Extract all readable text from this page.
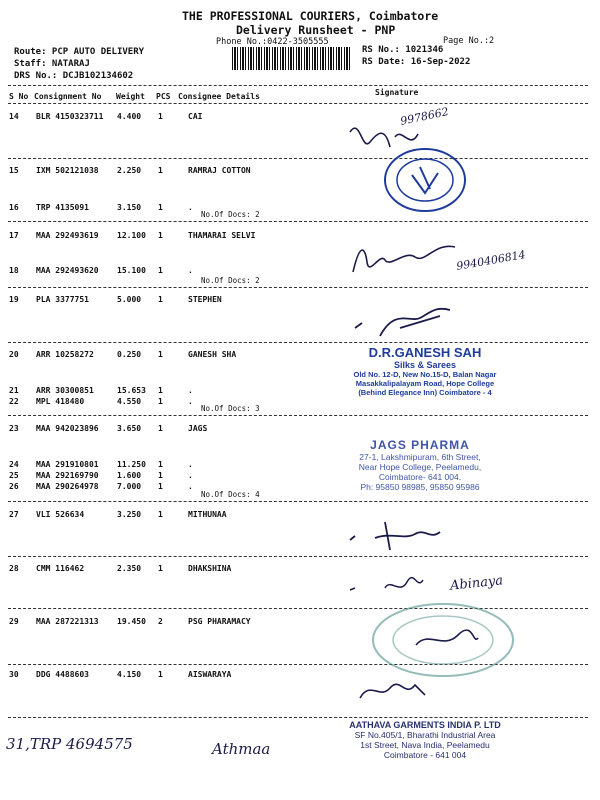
THE PROFESSIONAL COURIERS, Coimbatore
Delivery Runsheet - PNP
Phone No.:0422-3505555	Page No.:2
Route: PCP AUTO DELIVERY
Staff: NATARAJ
DRS No.: DCJB102134602
RS No.: 1021346
RS Date: 16-Sep-2022
S No Consignment No Weight PCS Consignee Details	Signature
14 BLR 4150323711 4.400 1	CAI
15 IXM 502121038 2.250 1	RAMRAJ COTTON
16 TRP 4135091	3.150 1	.
17 MAA 292493619 12.100 1	THAMARAI SELVI
18 MAA 292493620 15.100 1	.
19 PLA 3377751	5.000 1	STEPHEN
20 ARR 10258272	0.250 1	GANESH SHA
21 ARR 30300851	15.653 1	.
22 MPL 418480	4.550 1	.
23 MAA 942023896 3.650 1	JAGS
24 MAA 291910801 11.250 1	.
25 MAA 292169790 1.600 1	.
26 MAA 290264978 7.000 1	.
27 VLI 526634	3.250 1	MITHUNAA
28 CMM 116462	2.350 1	DHAKSHINA
29 MAA 287221313 19.450 2	PSG PHARAMACY
30 DDG 4488603	4.150 1	AISWARAYA
No.Of Docs: 2
No.Of Docs: 2
No.Of Docs: 3
No.Of Docs: 4
9978662
9940406814
D.R.GANESH SAH
Silks & Sarees
Old No. 12-D, New No.15-D, Balan Nagar
Masakkalipalayam Road, Hope College
(Behind Elegance Inn) Coimbatore - 4
JAGS PHARMA
27-1, Lakshmipuram, 6th Street,
Near Hope College, Peelamedu,
Coimbatore- 641 004.
Ph: 95850 98985, 95850 95986
Abinaya
AATHAVA GARMENTS INDIA P. LTD
SF No.405/1, Bharathi Industrial Area
1st Street, Nava India, Peelamedu
Coimbatore - 641 004
31,TRP 4694575	Athmaa
